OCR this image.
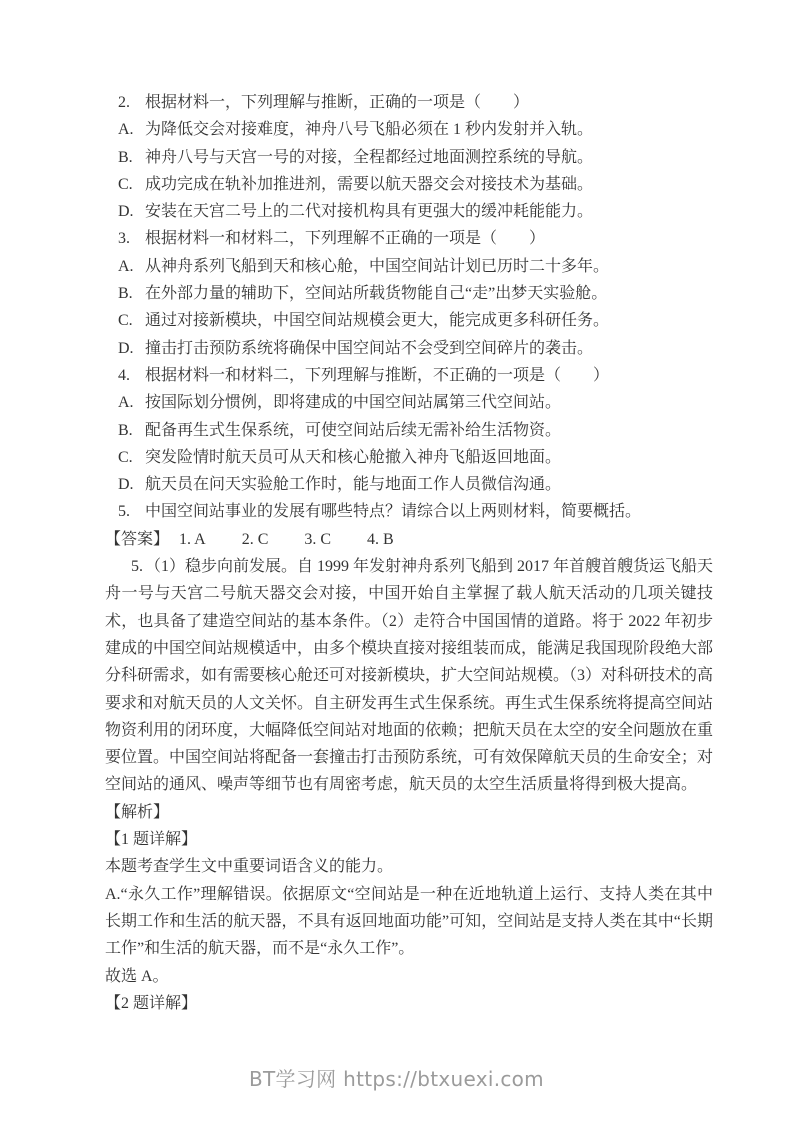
2. 根据材料一，下列理解与推断，正确的一项是（　　）
A. 为降低交会对接难度，神舟八号飞船必须在 1 秒内发射并入轨。
B. 神舟八号与天宫一号的对接，全程都经过地面测控系统的导航。
C. 成功完成在轨补加推进剂，需要以航天器交会对接技术为基础。
D. 安装在天宫二号上的二代对接机构具有更强大的缓冲耗能能力。
3. 根据材料一和材料二，下列理解不正确的一项是（　　）
A. 从神舟系列飞船到天和核心舱，中国空间站计划已历时二十多年。
B. 在外部力量的辅助下，空间站所载货物能自己“走”出梦天实验舱。
C. 通过对接新模块，中国空间站规模会更大，能完成更多科研任务。
D. 撞击打击预防系统将确保中国空间站不会受到空间碎片的袭击。
4. 根据材料一和材料二，下列理解与推断，不正确的一项是（　　）
A. 按国际划分惯例，即将建成的中国空间站属第三代空间站。
B. 配备再生式生保系统，可使空间站后续无需补给生活物资。
C. 突发险情时航天员可从天和核心舱撤入神舟飞船返回地面。
D. 航天员在问天实验舱工作时，能与地面工作人员微信沟通。
5. 中国空间站事业的发展有哪些特点？请综合以上两则材料，简要概括。
【答案】 1. A 2. C 3. C 4. B
5. （1）稳步向前发展。自 1999 年发射神舟系列飞船到 2017 年首艘首艘货运飞船天舟一号与天宫二号航天器交会对接，中国开始自主掌握了载人航天活动的几项关键技术，也具备了建造空间站的基本条件。（2）走符合中国国情的道路。将于 2022 年初步建成的中国空间站规模适中，由多个模块直接对接组装而成，能满足我国现阶段绝大部分科研需求，如有需要核心舱还可对接新模块，扩大空间站规模。（3）对科研技术的高要求和对航天员的人文关怀。自主研发再生式生保系统。再生式生保系统将提高空间站物资利用的闭环度，大幅降低空间站对地面的依赖；把航天员在太空的安全问题放在重要位置。中国空间站将配备一套撞击打击预防系统，可有效保障航天员的生命安全；对空间站的通风、噪声等细节也有周密考虑，航天员的太空生活质量将得到极大提高。
【解析】
【1 题详解】
本题考查学生文中重要词语含义的能力。
A.“永久工作”理解错误。依据原文“空间站是一种在近地轨道上运行、支持人类在其中长期工作和生活的航天器，不具有返回地面功能”可知，空间站是支持人类在其中“长期工作”和生活的航天器，而不是“永久工作”。
故选 A。
【2 题详解】
BT学习网 https://btxuexi.com
